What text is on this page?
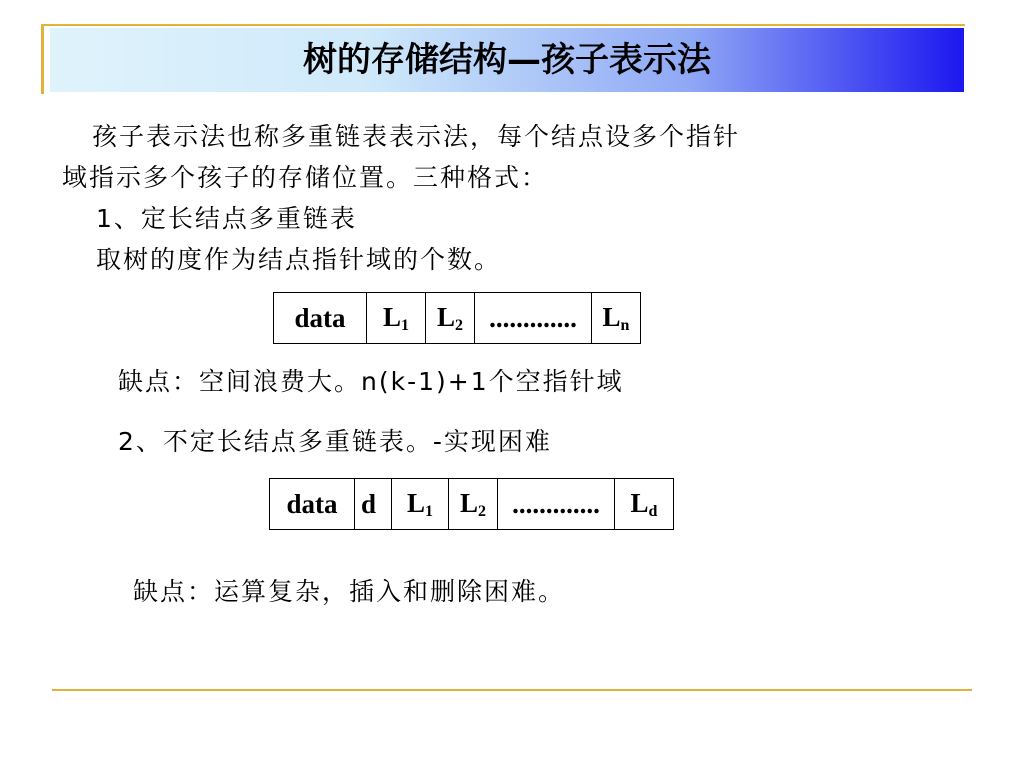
树的存储结构—孩子表示法
孩子表示法也称多重链表表示法，每个结点设多个指针
域指示多个孩子的存储位置。三种格式：
1、定长结点多重链表
取树的度作为结点指针域的个数。
data	$L_1$	$L_2$	.............	$L_n$
缺点：空间浪费大。n(k-1)+1个空指针域
2、不定长结点多重链表。-实现困难
data	d	$L_1$	$L_2$	.............	$L_d$
缺点：运算复杂，插入和删除困难。
